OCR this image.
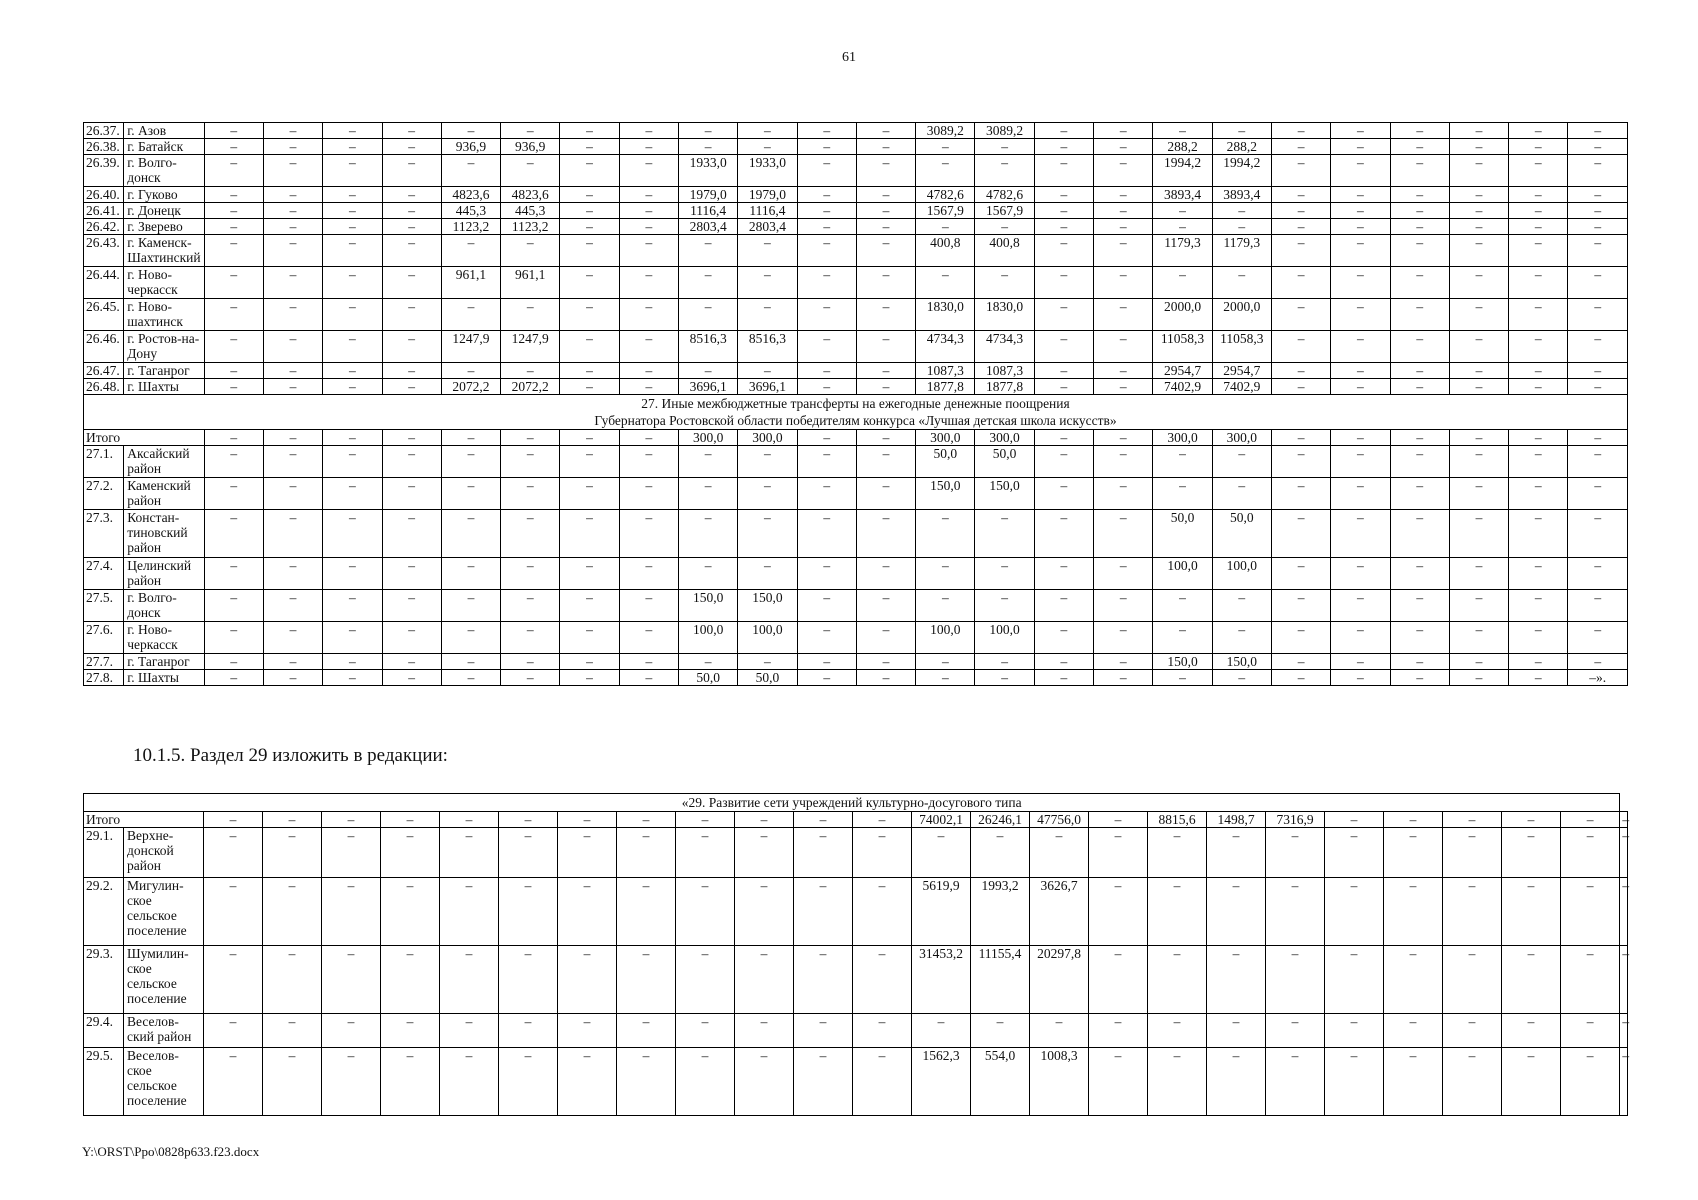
61
26.37.	г. Азов	–	–	–	–	–	–	–	–	–	–	–	–	3089,2	3089,2	–	–	–	–	–	–	–	–	–	–
26.38.	г. Батайск	–	–	–	–	936,9	936,9	–	–	–	–	–	–	–	–	–	–	288,2	288,2	–	–	–	–	–	–
26.39.	г. Волго-донск	–	–	–	–	–	–	–	–	1933,0	1933,0	–	–	–	–	–	–	1994,2	1994,2	–	–	–	–	–	–
26.40.	г. Гуково	–	–	–	–	4823,6	4823,6	–	–	1979,0	1979,0	–	–	4782,6	4782,6	–	–	3893,4	3893,4	–	–	–	–	–	–
26.41.	г. Донецк	–	–	–	–	445,3	445,3	–	–	1116,4	1116,4	–	–	1567,9	1567,9	–	–	–	–	–	–	–	–	–	–
26.42.	г. Зверево	–	–	–	–	1123,2	1123,2	–	–	2803,4	2803,4	–	–	–	–	–	–	–	–	–	–	–	–	–	–
26.43.	г. Каменск-Шахтинский	–	–	–	–	–	–	–	–	–	–	–	–	400,8	400,8	–	–	1179,3	1179,3	–	–	–	–	–	–
26.44.	г. Ново-черкасск	–	–	–	–	961,1	961,1	–	–	–	–	–	–	–	–	–	–	–	–	–	–	–	–	–	–
26.45.	г. Ново-шахтинск	–	–	–	–	–	–	–	–	–	–	–	–	1830,0	1830,0	–	–	2000,0	2000,0	–	–	–	–	–	–
26.46.	г. Ростов-на-Дону	–	–	–	–	1247,9	1247,9	–	–	8516,3	8516,3	–	–	4734,3	4734,3	–	–	11058,3	11058,3	–	–	–	–	–	–
26.47.	г. Таганрог	–	–	–	–	–	–	–	–	–	–	–	–	1087,3	1087,3	–	–	2954,7	2954,7	–	–	–	–	–	–
26.48.	г. Шахты	–	–	–	–	2072,2	2072,2	–	–	3696,1	3696,1	–	–	1877,8	1877,8	–	–	7402,9	7402,9	–	–	–	–	–	–

27. Иные межбюджетные трансферты на ежегодные денежные поощрения
Губернатора Ростовской области победителям конкурса «Лучшая детская школа искусств»																									

Итого		–	–	–	–	–	–	–	–	300,0	300,0	–	–	300,0	300,0	–	–	300,0	300,0	–	–	–	–	–	–
27.1.	Аксайский район	–	–	–	–	–	–	–	–	–	–	–	–	50,0	50,0	–	–	–	–	–	–	–	–	–	–
27.2.	Каменский район	–	–	–	–	–	–	–	–	–	–	–	–	150,0	150,0	–	–	–	–	–	–	–	–	–	–
27.3.	Констан-тиновский район	–	–	–	–	–	–	–	–	–	–	–	–	–	–	–	–	50,0	50,0	–	–	–	–	–	–
27.4.	Целинский район	–	–	–	–	–	–	–	–	–	–	–	–	–	–	–	–	100,0	100,0	–	–	–	–	–	–
27.5.	г. Волго-донск	–	–	–	–	–	–	–	–	150,0	150,0	–	–	–	–	–	–	–	–	–	–	–	–	–	–
27.6.	г. Ново-черкасск	–	–	–	–	–	–	–	–	100,0	100,0	–	–	100,0	100,0	–	–	–	–	–	–	–	–	–	–
27.7.	г. Таганрог	–	–	–	–	–	–	–	–	–	–	–	–	–	–	–	–	150,0	150,0	–	–	–	–	–	–
27.8.	г. Шахты	–	–	–	–	–	–	–	–	50,0	50,0	–	–	–	–	–	–	–	–	–	–	–	–	–	–».
10.1.5. Раздел 29 изложить в редакции:
«29. Развитие сети учреждений культурно-досугового типа																										

Итого		–	–	–	–	–	–	–	–	–	–	–	–	74002,1	26246,1	47756,0	–	8815,6	1498,7	7316,9	–	–	–	–	–	–
29.1.	Верхне-донской район	–	–	–	–	–	–	–	–	–	–	–	–	–	–	–	–	–	–	–	–	–	–	–	–	–
29.2.	Мигулин-ское сельское поселение	–	–	–	–	–	–	–	–	–	–	–	–	5619,9	1993,2	3626,7	–	–	–	–	–	–	–	–	–	–
29.3.	Шумилин-ское сельское поселение	–	–	–	–	–	–	–	–	–	–	–	–	31453,2	11155,4	20297,8	–	–	–	–	–	–	–	–	–	–
29.4.	Веселов-ский район	–	–	–	–	–	–	–	–	–	–	–	–	–	–	–	–	–	–	–	–	–	–	–	–	–
29.5.	Веселов-ское сельское поселение	–	–	–	–	–	–	–	–	–	–	–	–	1562,3	554,0	1008,3	–	–	–	–	–	–	–	–	–	–
Y:\ORST\Ppo\0828p633.f23.docx
